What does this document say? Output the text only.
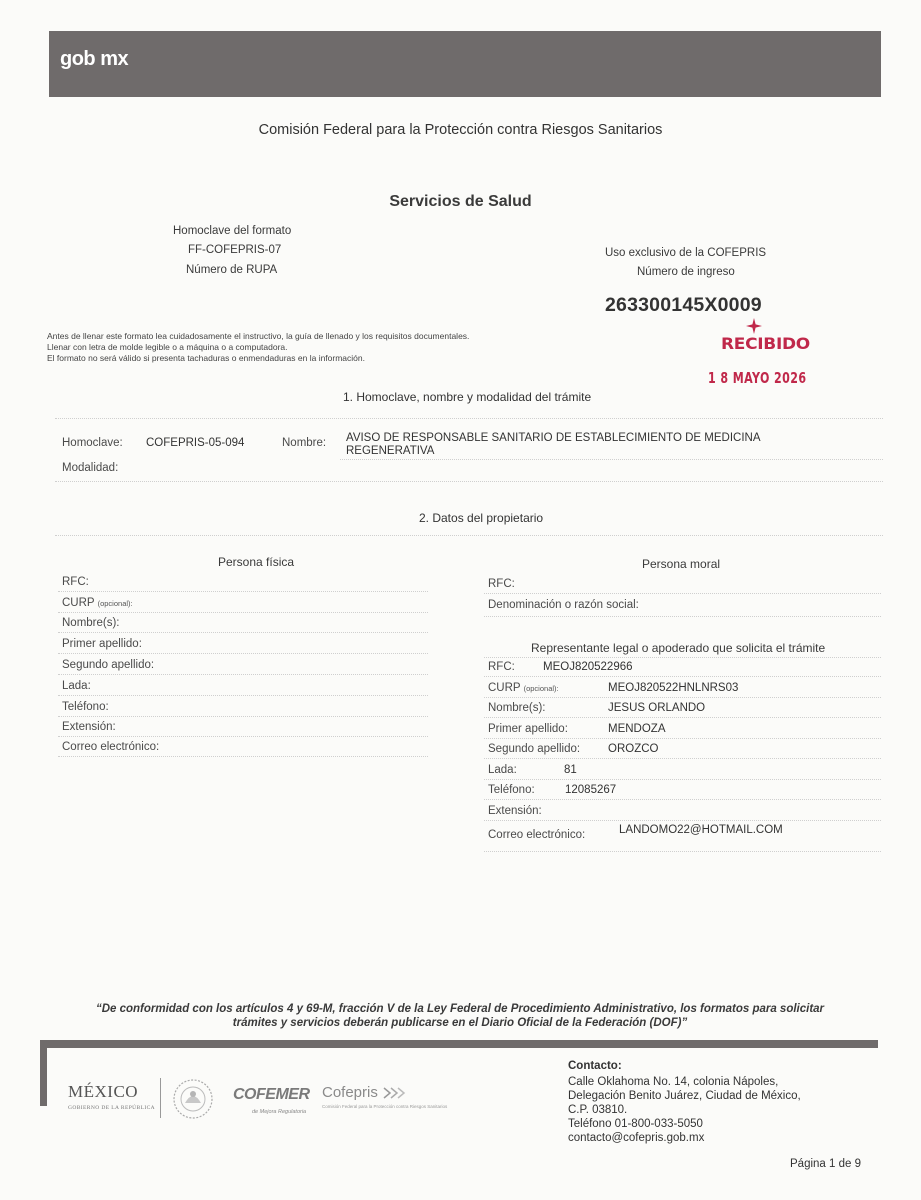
gob mx
Comisión Federal para la Protección contra Riesgos Sanitarios
Servicios de Salud
Homoclave del formato
FF-COFEPRIS-07
Número de RUPA
Uso exclusivo de la COFEPRIS
Número de ingreso
263300145X0009
RECIBIDO
1 8 MAYO 2026
Antes de llenar este formato lea cuidadosamente el instructivo, la guía de llenado y los requisitos documentales.
Llenar con letra de molde legible o a máquina o a computadora.
El formato no será válido si presenta tachaduras o enmendaduras en la información.
1. Homoclave, nombre y modalidad del trámite
Homoclave: COFEPRIS-05-094	Nombre: AVISO DE RESPONSABLE SANITARIO DE ESTABLECIMIENTO DE MEDICINA
REGENERATIVA
Modalidad:
2. Datos del propietario
Persona física
RFC:
CURP (opcional):
Nombre(s):
Primer apellido:
Segundo apellido:
Lada:
Teléfono:
Extensión:
Correo electrónico:
Persona moral
RFC:
Denominación o razón social:
Representante legal o apoderado que solicita el trámite
RFC: MEOJ820522966
CURP (opcional):	MEOJ820522HNLNRS03
Nombre(s):	JESUS ORLANDO
Primer apellido:	MENDOZA
Segundo apellido: OROZCO
Lada:	81
Teléfono:	12085267
Extensión:
Correo electrónico:	LANDOMO22@HOTMAIL.COM
“De conformidad con los artículos 4 y 69-M, fracción V de la Ley Federal de Procedimiento Administrativo, los formatos para solicitar
trámites y servicios deberán publicarse en el Diario Oficial de la Federación (DOF)”
MÉXICO
GOBIERNO DE LA REPÚBLICA
COFEMER
de Mejora Regulatoria
Cofepris
Comisión Federal para la Protección contra Riesgos Sanitarios
Contacto:
Calle Oklahoma No. 14, colonia Nápoles,
Delegación Benito Juárez, Ciudad de México,
C.P. 03810.
Teléfono 01-800-033-5050
contacto@cofepris.gob.mx
Página 1 de 9
